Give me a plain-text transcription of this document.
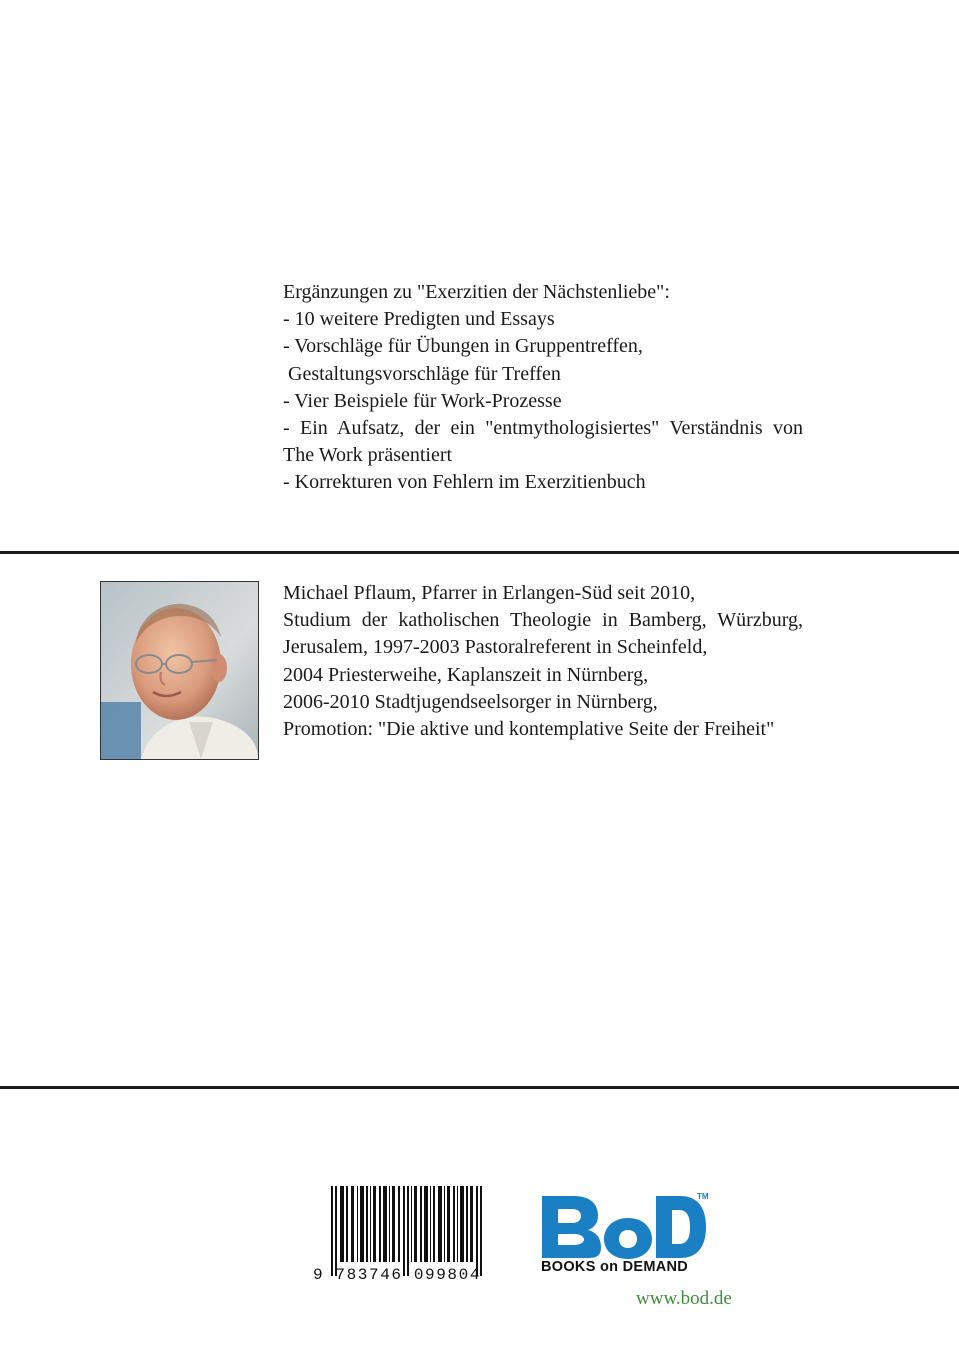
Ergänzungen zu "Exerzitien der Nächstenliebe":
- 10 weitere Predigten und Essays
- Vorschläge für Übungen in Gruppentreffen,
Gestaltungsvorschläge für Treffen
- Vier Beispiele für Work-Prozesse
- Ein Aufsatz, der ein "entmythologisiertes" Verständnis von
The Work präsentiert
- Korrekturen von Fehlern im Exerzitienbuch
Michael Pflaum, Pfarrer in Erlangen-Süd seit 2010,
Studium der katholischen Theologie in Bamberg, Würzburg,
Jerusalem, 1997-2003 Pastoralreferent in Scheinfeld,
2004 Priesterweihe, Kaplanszeit in Nürnberg,
2006-2010 Stadtjugendseelsorger in Nürnberg,
Promotion: "Die aktive und kontemplative Seite der Freiheit"
9 783746 099804
TM
BOOKS on DEMAND
www.bod.de
